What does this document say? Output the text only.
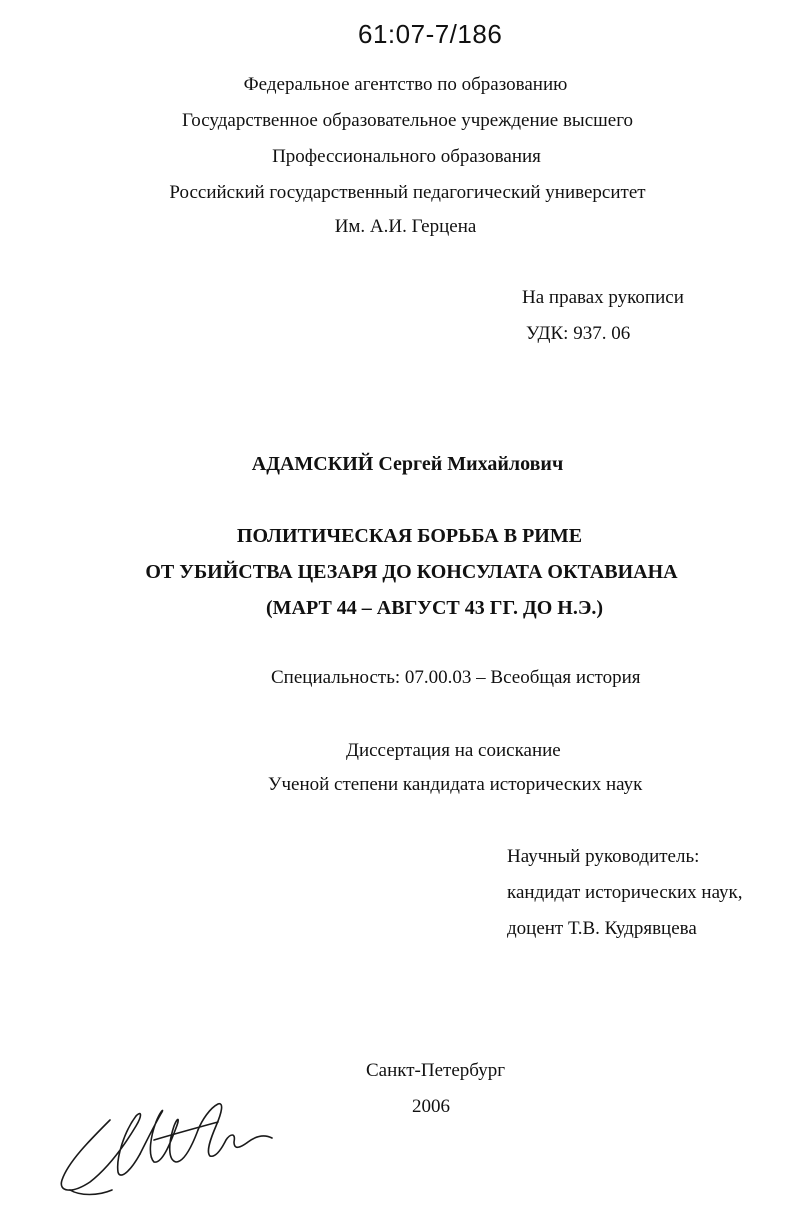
61:07-7/186
Федеральное агентство по образованию
Государственное образовательное учреждение высшего
Профессионального образования
Российский государственный педагогический университет
Им. А.И. Герцена
На правах рукописи
УДК: 937. 06
АДАМСКИЙ Сергей Михайлович
ПОЛИТИЧЕСКАЯ БОРЬБА В РИМЕ
ОТ УБИЙСТВА ЦЕЗАРЯ ДО КОНСУЛАТА ОКТАВИАНА
(МАРТ 44 – АВГУСТ 43 ГГ. ДО Н.Э.)
Специальность: 07.00.03 – Всеобщая история
Диссертация на соискание
Ученой степени кандидата исторических наук
Научный руководитель:
кандидат исторических наук,
доцент Т.В. Кудрявцева
Санкт-Петербург
2006
